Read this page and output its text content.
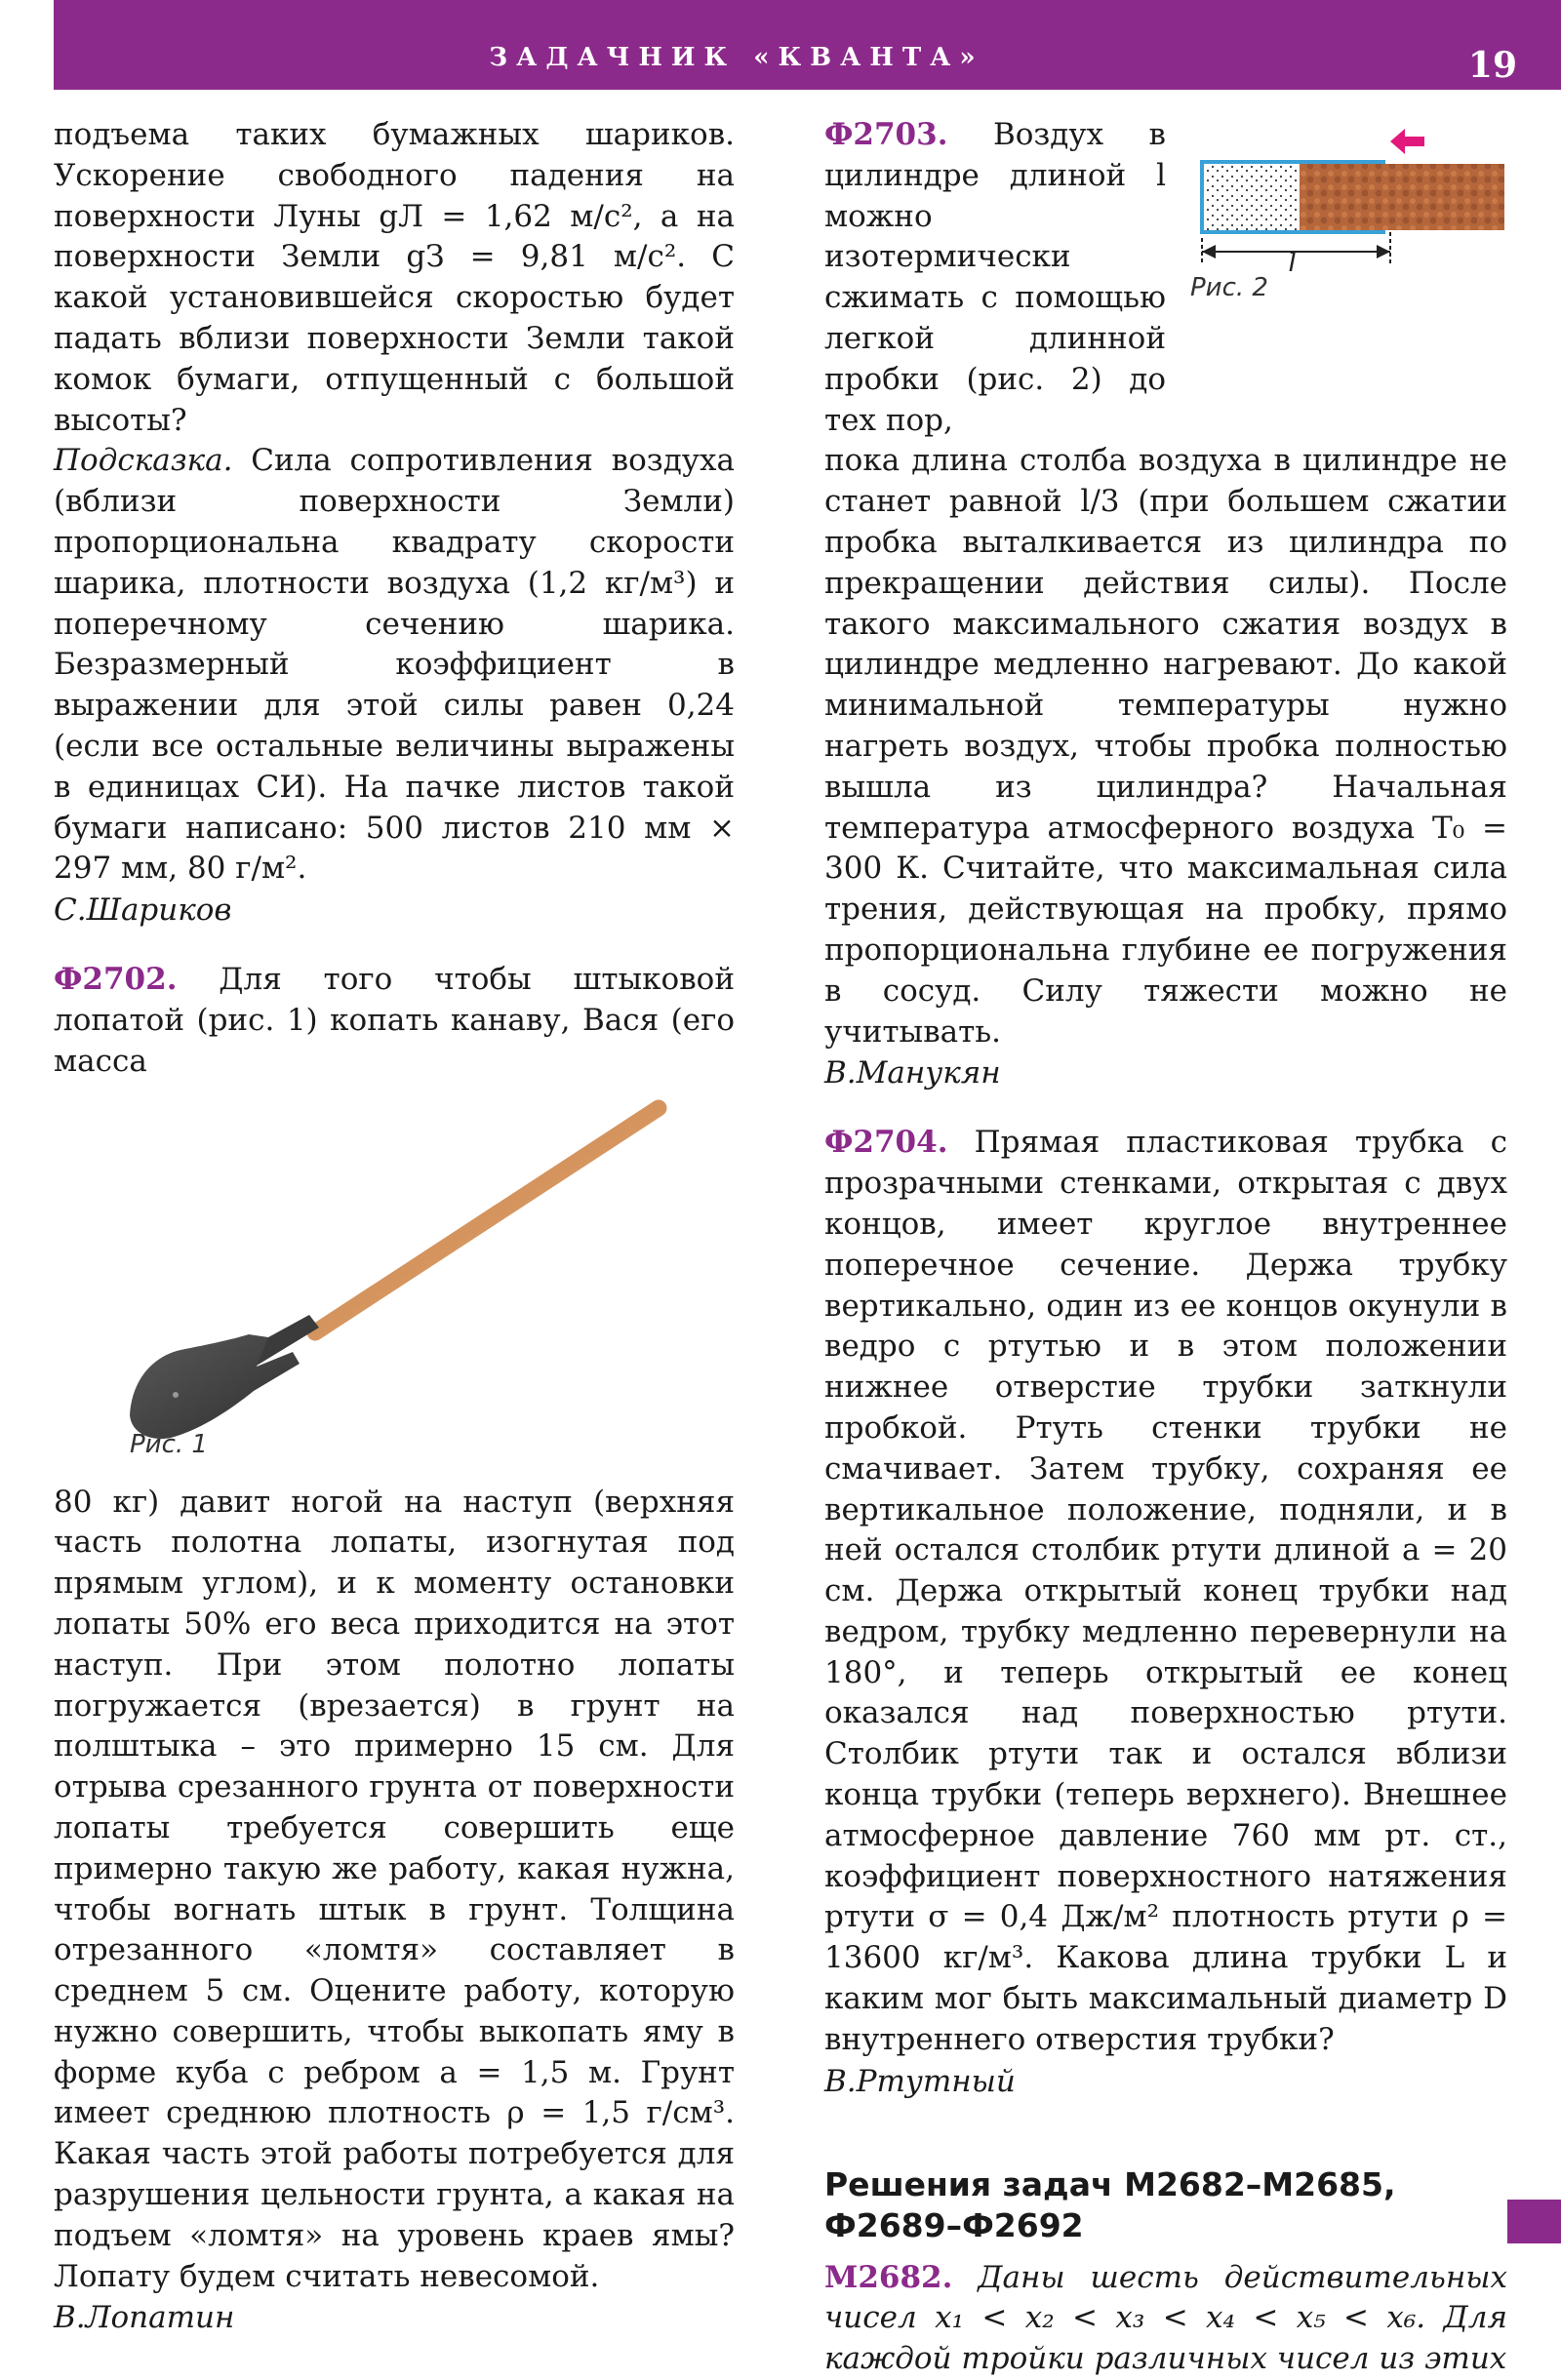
ЗАДАЧНИК «КВАНТА»	19

подъема таких бумажных шариков. Ускорение свободного падения на поверхности Луны gЛ = 1,62 м/с², а на поверхности Земли gЗ = 9,81 м/с². С какой установившейся скоростью будет падать вблизи поверхности Земли такой комок бумаги, отпущенный с большой высоты?

Подсказка. Сила сопротивления воздуха (вблизи поверхности Земли) пропорциональна квадрату скорости шарика, плотности воздуха (1,2 кг/м³) и поперечному сечению шарика. Безразмерный коэффициент в выражении для этой силы равен 0,24 (если все остальные величины выражены в единицах СИ). На пачке листов такой бумаги написано: 500 листов 210 мм × 297 мм, 80 г/м².

С.Шариков

Ф2702. Для того чтобы штыковой лопатой (рис. 1) копать канаву, Вася (его масса

Рис. 1

80 кг) давит ногой на наступ (верхняя часть полотна лопаты, изогнутая под прямым углом), и к моменту остановки лопаты 50% его веса приходится на этот наступ. При этом полотно лопаты погружается (врезается) в грунт на полштыка – это примерно 15 см. Для отрыва срезанного грунта от поверхности лопаты требуется совершить еще примерно такую же работу, какая нужна, чтобы вогнать штык в грунт. Толщина отрезанного «ломтя» составляет в среднем 5 см. Оцените работу, которую нужно совершить, чтобы выкопать яму в форме куба с ребром a = 1,5 м. Грунт имеет среднюю плотность ρ = 1,5 г/см³. Какая часть этой работы потребуется для разрушения цельности грунта, а какая на подъем «ломтя» на уровень краев ямы? Лопату будем считать невесомой.

В.Лопатин

Ф2703. Воздух в цилиндре длиной l можно изотермически сжимать с помощью легкой длинной пробки (рис. 2) до тех пор,

l
Рис. 2

пока длина столба воздуха в цилиндре не станет равной l/3 (при большем сжатии пробка выталкивается из цилиндра по прекращении действия силы). После такого максимального сжатия воздух в цилиндре медленно нагревают. До какой минимальной температуры нужно нагреть воздух, чтобы пробка полностью вышла из цилиндра? Начальная температура атмосферного воздуха T₀ = 300 К. Считайте, что максимальная сила трения, действующая на пробку, прямо пропорциональна глубине ее погружения в сосуд. Силу тяжести можно не учитывать.

В.Манукян

Ф2704. Прямая пластиковая трубка с прозрачными стенками, открытая с двух концов, имеет круглое внутреннее поперечное сечение. Держа трубку вертикально, один из ее концов окунули в ведро с ртутью и в этом положении нижнее отверстие трубки заткнули пробкой. Ртуть стенки трубки не смачивает. Затем трубку, сохраняя ее вертикальное положение, подняли, и в ней остался столбик ртути длиной a = 20 см. Держа открытый конец трубки над ведром, трубку медленно перевернули на 180°, и теперь открытый ее конец оказался над поверхностью ртути. Столбик ртути так и остался вблизи конца трубки (теперь верхнего). Внешнее атмосферное давление 760 мм рт. ст., коэффициент поверхностного натяжения ртути σ = 0,4 Дж/м² плотность ртути ρ = 13600 кг/м³. Какова длина трубки L и каким мог быть максимальный диаметр D внутреннего отверстия трубки?

В.Ртутный

Решения задач М2682–М2685,

Ф2689–Ф2692

М2682. Даны шесть действительных чисел x₁ < x₂ < x₃ < x₄ < x₅ < x₆. Для каждой тройки различных чисел из этих
